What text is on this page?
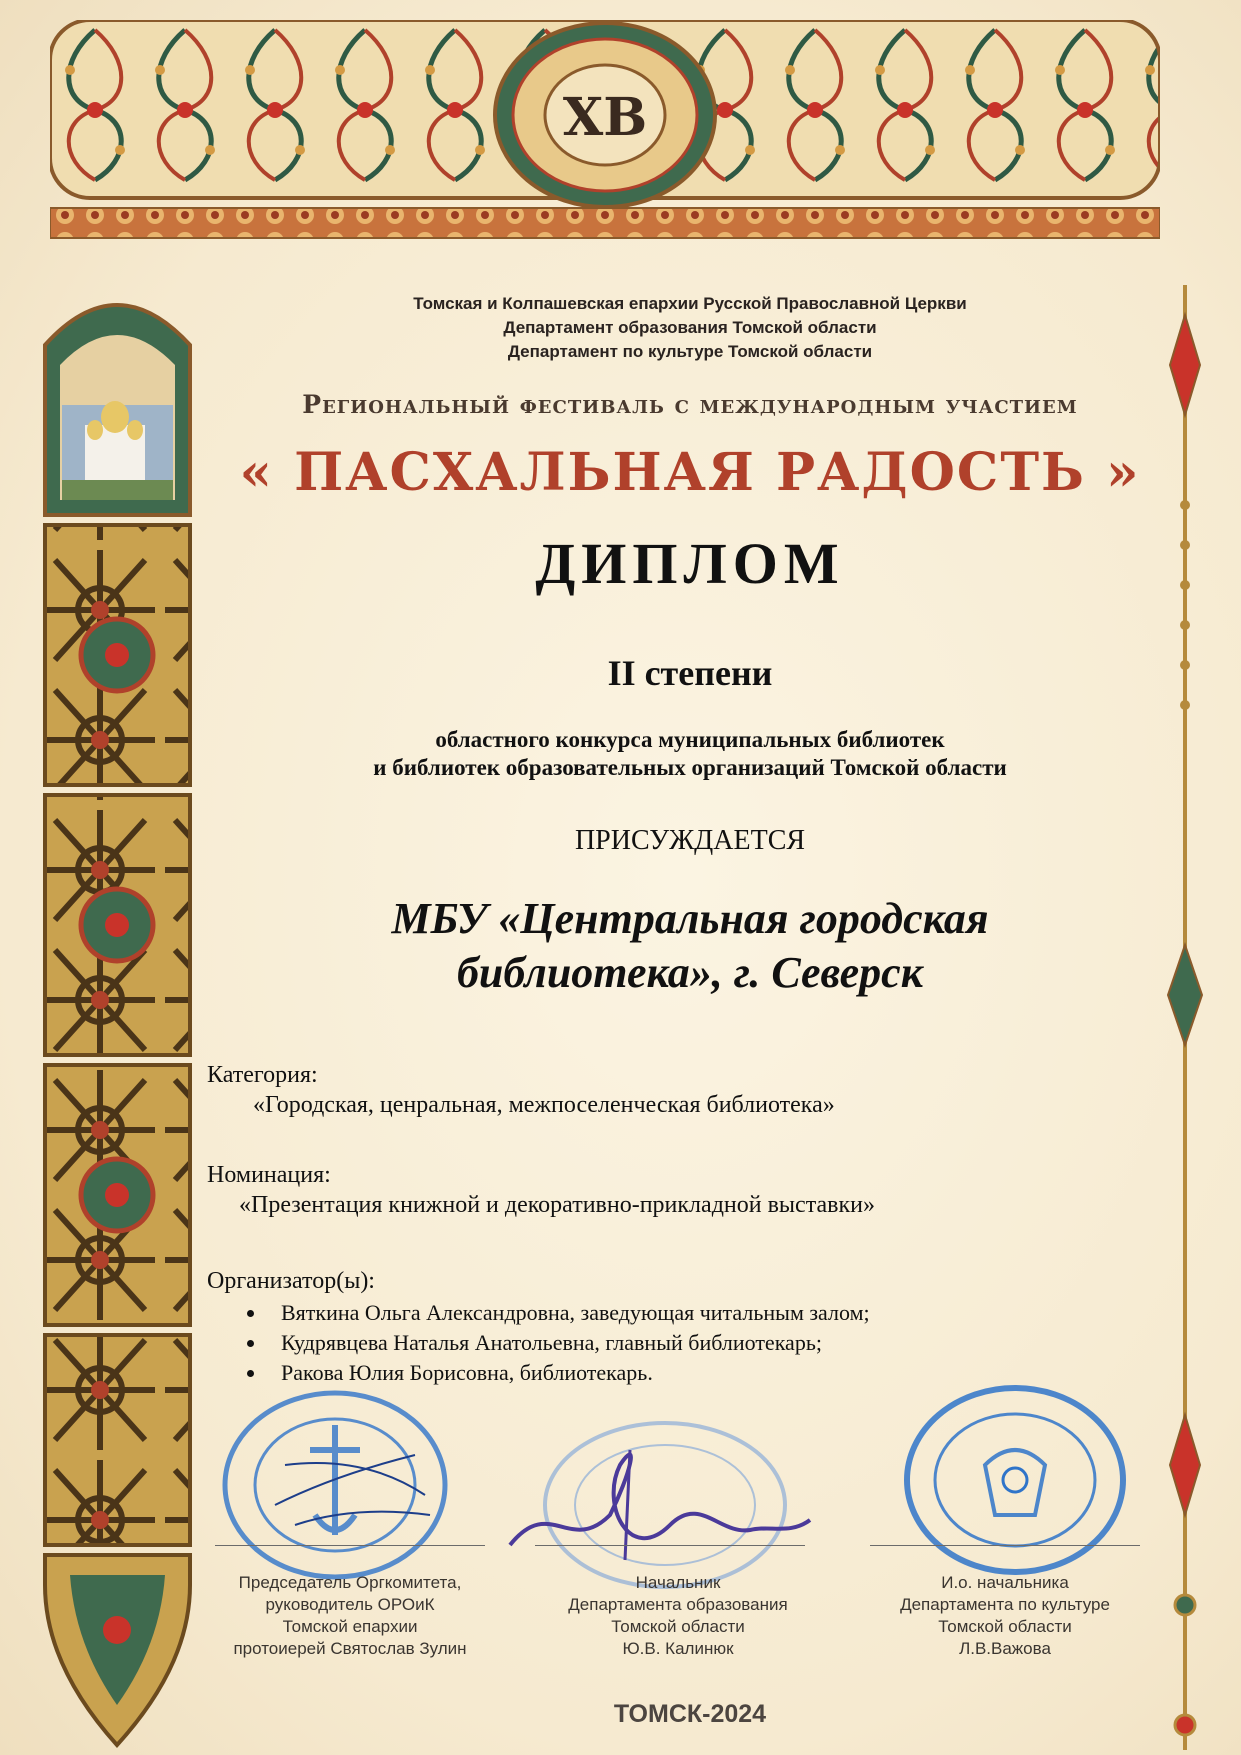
ХВ
Томская и Колпашевская епархии Русской Православной Церкви
Департамент образования Томской области
Департамент по культуре Томской области
Региональный фестиваль с международным участием
« ПАСХАЛЬНАЯ РАДОСТЬ »
ДИПЛОМ
II степени
областного конкурса муниципальных библиотек
и библиотек образовательных организаций Томской области
ПРИСУЖДАЕТСЯ
МБУ «Центральная городская
библиотека», г. Северск
Категория:
«Городская, ценральная, межпоселенческая библиотека»
Номинация:
«Презентация книжной и декоративно-прикладной выставки»
Организатор(ы):
Вяткина Ольга Александровна, заведующая читальным залом;
Кудрявцева Наталья Анатольевна, главный библиотекарь;
Ракова Юлия Борисовна, библиотекарь.
Председатель Оргкомитета,
руководитель ОРОиК
Томской епархии
протоиерей Святослав Зулин
Начальник
Департамента образования
Томской области
Ю.В. Калинюк
И.о. начальника
Департамента по культуре
Томской области
Л.В.Важова
ТОМСК-2024
